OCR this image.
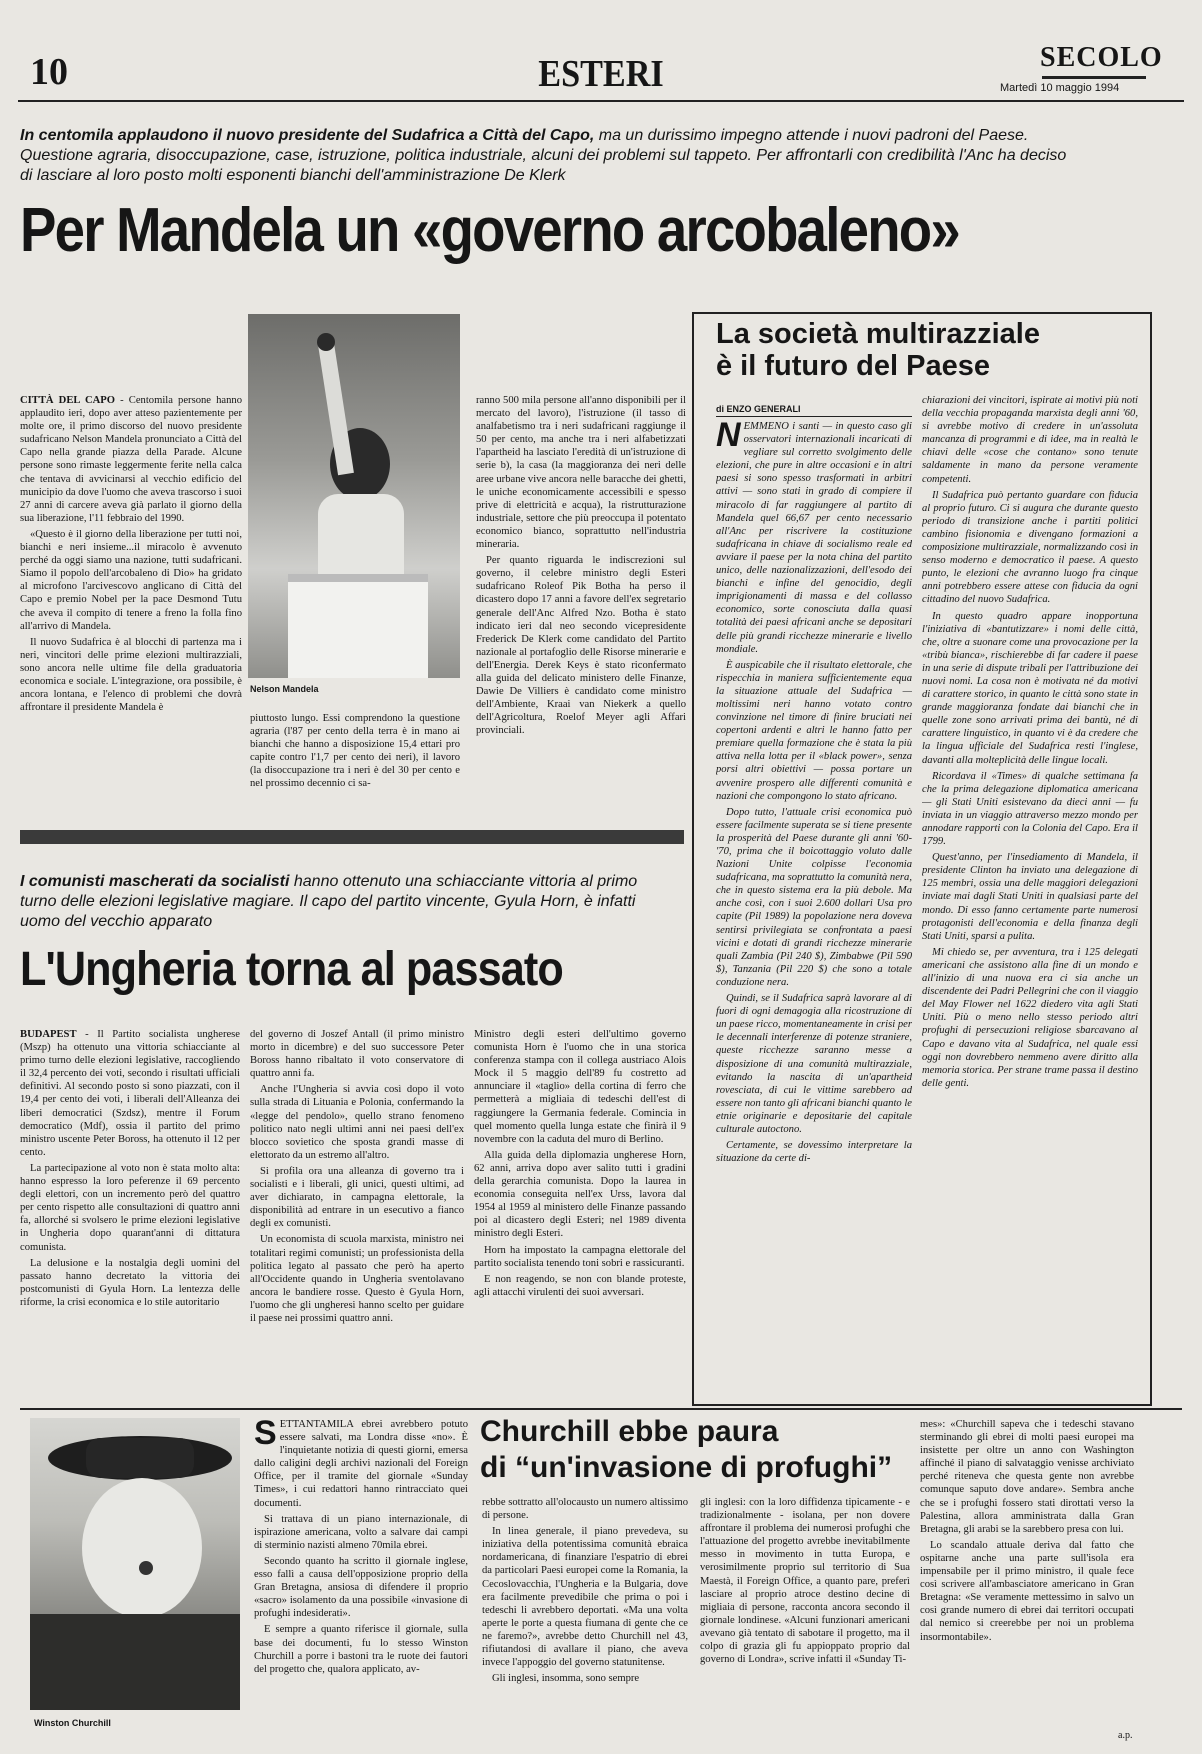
10	ESTERI	SECOLO
Martedì 10 maggio 1994
In centomila applaudono il nuovo presidente del Sudafrica a Città del Capo, ma un durissimo impegno attende i nuovi padroni del Paese. Questione agraria, disoccupazione, case, istruzione, politica industriale, alcuni dei problemi sul tappeto. Per affrontarli con credibilità l'Anc ha deciso di lasciare al loro posto molti esponenti bianchi dell'amministrazione De Klerk
Per Mandela un «governo arcobaleno»
Nelson Mandela

CITTÀ DEL CAPO - Centomila persone hanno applaudito ieri, dopo aver atteso pazientemente per molte ore, il primo discorso del nuovo presidente sudafricano Nelson Mandela pronunciato a Città del Capo nella grande piazza della Parade. Alcune persone sono rimaste leggermente ferite nella calca che tentava di avvicinarsi al vecchio edificio del municipio da dove l'uomo che aveva trascorso i suoi 27 anni di carcere aveva già parlato il giorno della sua liberazione, l'11 febbraio del 1990.

«Questo è il giorno della liberazione per tutti noi, bianchi e neri insieme...il miracolo è avvenuto perché da oggi siamo una nazione, tutti sudafricani. Siamo il popolo dell'arcobaleno di Dio» ha gridato al microfono l'arcivescovo anglicano di Città del Capo e premio Nobel per la pace Desmond Tutu che aveva il compito di tenere a freno la folla fino all'arrivo di Mandela.

Il nuovo Sudafrica è al blocchi di partenza ma i neri, vincitori delle prime elezioni multirazziali, sono ancora nelle ultime file della graduatoria economica e sociale. L'integrazione, ora possibile, è ancora lontana, e l'elenco di problemi che dovrà affrontare il presidente Mandela è

piuttosto lungo. Essi comprendono la questione agraria (l'87 per cento della terra è in mano ai bianchi che hanno a disposizione 15,4 ettari pro capite contro l'1,7 per cento dei neri), il lavoro (la disoccupazione tra i neri è del 30 per cento e nel prossimo decennio ci sa-

ranno 500 mila persone all'anno disponibili per il mercato del lavoro), l'istruzione (il tasso di analfabetismo tra i neri sudafricani raggiunge il 50 per cento, ma anche tra i neri alfabetizzati l'apartheid ha lasciato l'eredità di un'istruzione di serie b), la casa (la maggioranza dei neri delle aree urbane vive ancora nelle baracche dei ghetti, le uniche economicamente accessibili e spesso prive di elettricità e acqua), la ristrutturazione industriale, settore che più preoccupa il potentato economico bianco, soprattutto nell'industria mineraria.

Per quanto riguarda le indiscrezioni sul governo, il celebre ministro degli Esteri sudafricano Roleof Pik Botha ha perso il dicastero dopo 17 anni a favore dell'ex segretario generale dell'Anc Alfred Nzo. Botha è stato indicato ieri dal neo secondo vicepresidente Frederick De Klerk come candidato del Partito nazionale al portafoglio delle Risorse minerarie e dell'Energia. Derek Keys è stato riconfermato alla guida del delicato ministero delle Finanze, Dawie De Villiers è candidato come ministro dell'Ambiente, Kraai van Niekerk a quello dell'Agricoltura, Roelof Meyer agli Affari provinciali.

La società multirazziale
è il futuro del Paese
di ENZO GENERALI

NEMMENO i santi — in questo caso gli osservatori internazionali incaricati di vegliare sul corretto svolgimento delle elezioni, che pure in altre occasioni e in altri paesi si sono spesso trasformati in arbitri attivi — sono stati in grado di compiere il miracolo di far raggiungere al partito di Mandela quel 66,67 per cento necessario all'Anc per riscrivere la costituzione sudafricana in chiave di socialismo reale ed avviare il paese per la nota china del partito unico, delle nazionalizzazioni, dell'esodo dei bianchi e infine del genocidio, degli imprigionamenti di massa e del collasso economico, sorte conosciuta dalla quasi totalità dei paesi africani anche se depositari delle più grandi ricchezze minerarie e livello mondiale.

È auspicabile che il risultato elettorale, che rispecchia in maniera sufficientemente equa la situazione attuale del Sudafrica — moltissimi neri hanno votato contro convinzione nel timore di finire bruciati nei copertoni ardenti e altri le hanno fatto per premiare quella formazione che è stata la più attiva nella lotta per il «black power», senza porsi altri obiettivi — possa portare un avvenire prospero alle differenti comunità e nazioni che compongono lo stato africano.

Dopo tutto, l'attuale crisi economica può essere facilmente superata se si tiene presente la prosperità del Paese durante gli anni '60-'70, prima che il boicottaggio voluto dalle Nazioni Unite colpisse l'economia sudafricana, ma soprattutto la comunità nera, che in questo sistema era la più debole. Ma anche così, con i suoi 2.600 dollari Usa pro capite (Pil 1989) la popolazione nera doveva sentirsi privilegiata se confrontata a paesi vicini e dotati di grandi ricchezze minerarie quali Zambia (Pil 240 $), Zimbabwe (Pil 590 $), Tanzania (Pil 220 $) che sono a totale conduzione nera.

Quindi, se il Sudafrica saprà lavorare al di fuori di ogni demagogia alla ricostruzione di un paese ricco, momentaneamente in crisi per le decennali interferenze di potenze straniere, queste ricchezze saranno messe a disposizione di una comunità multirazziale, evitando la nascita di un'apartheid rovesciata, di cui le vittime sarebbero ad essere non tanto gli africani bianchi quanto le etnie originarie e depositarie del capitale culturale autoctono.

Certamente, se dovessimo interpretare la situazione da certe di-

chiarazioni dei vincitori, ispirate ai motivi più noti della vecchia propaganda marxista degli anni '60, si avrebbe motivo di credere in un'assoluta mancanza di programmi e di idee, ma in realtà le chiavi delle «cose che contano» sono tenute saldamente in mano da persone veramente competenti.

Il Sudafrica può pertanto guardare con fiducia al proprio futuro. Ci si augura che durante questo periodo di transizione anche i partiti politici cambino fisionomia e divengano formazioni a composizione multirazziale, normalizzando così in senso moderno e democratico il paese. A questo punto, le elezioni che avranno luogo fra cinque anni potrebbero essere attese con fiducia da ogni cittadino del nuovo Sudafrica.

In questo quadro appare inopportuna l'iniziativa di «bantutizzare» i nomi delle città, che, oltre a suonare come una provocazione per la «tribù bianca», rischierebbe di far cadere il paese in una serie di dispute tribali per l'attribuzione dei nuovi nomi. La cosa non è motivata né da motivi di carattere storico, in quanto le città sono state in grande maggioranza fondate dai bianchi che in quelle zone sono arrivati prima dei bantù, né di carattere linguistico, in quanto vi è da credere che la lingua ufficiale del Sudafrica resti l'inglese, davanti alla molteplicità delle lingue locali.

Ricordava il «Times» di qualche settimana fa che la prima delegazione diplomatica americana — gli Stati Uniti esistevano da dieci anni — fu inviata in un viaggio attraverso mezzo mondo per annodare rapporti con la Colonia del Capo. Era il 1799.

Quest'anno, per l'insediamento di Mandela, il presidente Clinton ha inviato una delegazione di 125 membri, ossia una delle maggiori delegazioni inviate mai dagli Stati Uniti in qualsiasi parte del mondo. Di esso fanno certamente parte numerosi protagonisti dell'economia e della finanza degli Stati Uniti, sparsi a pulita.

Mi chiedo se, per avventura, tra i 125 delegati americani che assistono alla fine di un mondo e all'inizio di una nuova era ci sia anche un discendente dei Padri Pellegrini che con il viaggio del May Flower nel 1622 diedero vita agli Stati Uniti. Più o meno nello stesso periodo altri profughi di persecuzioni religiose sbarcavano al Capo e davano vita al Sudafrica, nel quale essi oggi non dovrebbero nemmeno avere diritto alla memoria storica. Per strane trame passa il destino delle genti.

I comunisti mascherati da socialisti hanno ottenuto una schiacciante vittoria al primo turno delle elezioni legislative magiare. Il capo del partito vincente, Gyula Horn, è infatti uomo del vecchio apparato
L'Ungheria torna al passato

BUDAPEST - Il Partito socialista ungherese (Mszp) ha ottenuto una vittoria schiacciante al primo turno delle elezioni legislative, raccogliendo il 32,4 percento dei voti, secondo i risultati ufficiali definitivi. Al secondo posto si sono piazzati, con il 19,4 per cento dei voti, i liberali dell'Alleanza dei liberi democratici (Szdsz), mentre il Forum democratico (Mdf), ossia il partito del primo ministro uscente Peter Boross, ha ottenuto il 12 per cento.

La partecipazione al voto non è stata molto alta: hanno espresso la loro peferenze il 69 percento degli elettori, con un incremento però del quattro per cento rispetto alle consultazioni di quattro anni fa, allorché si svolsero le prime elezioni legislative in Ungheria dopo quarant'anni di dittatura comunista.

La delusione e la nostalgia degli uomini del passato hanno decretato la vittoria dei postcomunisti di Gyula Horn. La lentezza delle riforme, la crisi economica e lo stile autoritario

del governo di Joszef Antall (il primo ministro morto in dicembre) e del suo successore Peter Boross hanno ribaltato il voto conservatore di quattro anni fa.

Anche l'Ungheria si avvia così dopo il voto sulla strada di Lituania e Polonia, confermando la «legge del pendolo», quello strano fenomeno politico nato negli ultimi anni nei paesi dell'ex blocco sovietico che sposta grandi masse di elettorato da un estremo all'altro.

Si profila ora una alleanza di governo tra i socialisti e i liberali, gli unici, questi ultimi, ad aver dichiarato, in campagna elettorale, la disponibilità ad entrare in un esecutivo a fianco degli ex comunisti.

Un economista di scuola marxista, ministro nei totalitari regimi comunisti; un professionista della politica legato al passato che però ha aperto all'Occidente quando in Ungheria sventolavano ancora le bandiere rosse. Questo è Gyula Horn, l'uomo che gli ungheresi hanno scelto per guidare il paese nei prossimi quattro anni.

Ministro degli esteri dell'ultimo governo comunista Horn è l'uomo che in una storica conferenza stampa con il collega austriaco Alois Mock il 5 maggio dell'89 fu costretto ad annunciare il «taglio» della cortina di ferro che permetterà a migliaia di tedeschi dell'est di raggiungere la Germania federale. Comincia in quel momento quella lunga estate che finirà il 9 novembre con la caduta del muro di Berlino.

Alla guida della diplomazia ungherese Horn, 62 anni, arriva dopo aver salito tutti i gradini della gerarchia comunista. Dopo la laurea in economia conseguita nell'ex Urss, lavora dal 1954 al 1959 al ministero delle Finanze passando poi al dicastero degli Esteri; nel 1989 diventa ministro degli Esteri.

Horn ha impostato la campagna elettorale del partito socialista tenendo toni sobri e rassicuranti.

E non reagendo, se non con blande proteste, agli attacchi virulenti dei suoi avversari.

Winston Churchill

SETTANTAMILA ebrei avrebbero potuto essere salvati, ma Londra disse «no». È l'inquietante notizia di questi giorni, emersa dallo caligini degli archivi nazionali del Foreign Office, per il tramite del giornale «Sunday Times», i cui redattori hanno rintracciato quei documenti.

Si trattava di un piano internazionale, di ispirazione americana, volto a salvare dai campi di sterminio nazisti almeno 70mila ebrei.

Secondo quanto ha scritto il giornale inglese, esso fallì a causa dell'opposizione proprio della Gran Bretagna, ansiosa di difendere il proprio «sacro» isolamento da una possibile «invasione di profughi indesiderati».

E sempre a quanto riferisce il giornale, sulla base dei documenti, fu lo stesso Winston Churchill a porre i bastoni tra le ruote dei fautori del progetto che, qualora applicato, av-

Churchill ebbe paura
di “un'invasione di profughi”

rebbe sottratto all'olocausto un numero altissimo di persone.

In linea generale, il piano prevedeva, su iniziativa della potentissima comunità ebraica nordamericana, di finanziare l'espatrio di ebrei da particolari Paesi europei come la Romania, la Cecoslovacchia, l'Ungheria e la Bulgaria, dove era facilmente prevedibile che prima o poi i tedeschi li avrebbero deportati. «Ma una volta aperte le porte a questa fiumana di gente che ce ne faremo?», avrebbe detto Churchill nel 43, rifiutandosi di avallare il piano, che aveva invece l'appoggio del governo statunitense.

Gli inglesi, insomma, sono sempre

gli inglesi: con la loro diffidenza tipicamente - e tradizionalmente - isolana, per non dovere affrontare il problema dei numerosi profughi che l'attuazione del progetto avrebbe inevitabilmente messo in movimento in tutta Europa, e verosimilmente proprio sul territorio di Sua Maestà, il Foreign Office, a quanto pare, preferì lasciare al proprio atroce destino decine di migliaia di persone, racconta ancora secondo il giornale londinese. «Alcuni funzionari americani avevano già tentato di sabotare il progetto, ma il colpo di grazia gli fu appioppato proprio dal governo di Londra», scrive infatti il «Sunday Ti-

mes»: «Churchill sapeva che i tedeschi stavano sterminando gli ebrei di molti paesi europei ma insistette per oltre un anno con Washington affinché il piano di salvataggio venisse archiviato perché riteneva che questa gente non avrebbe comunque saputo dove andare». Sembra anche che se i profughi fossero stati dirottati verso la Palestina, allora amministrata dalla Gran Bretagna, gli arabi se la sarebbero presa con lui.

Lo scandalo attuale deriva dal fatto che ospitarne anche una parte sull'isola era impensabile per il primo ministro, il quale fece così scrivere all'ambasciatore americano in Gran Bretagna: «Se veramente mettessimo in salvo un così grande numero di ebrei dai territori occupati dal nemico si creerebbe per noi un problema insormontabile».

a.p.
